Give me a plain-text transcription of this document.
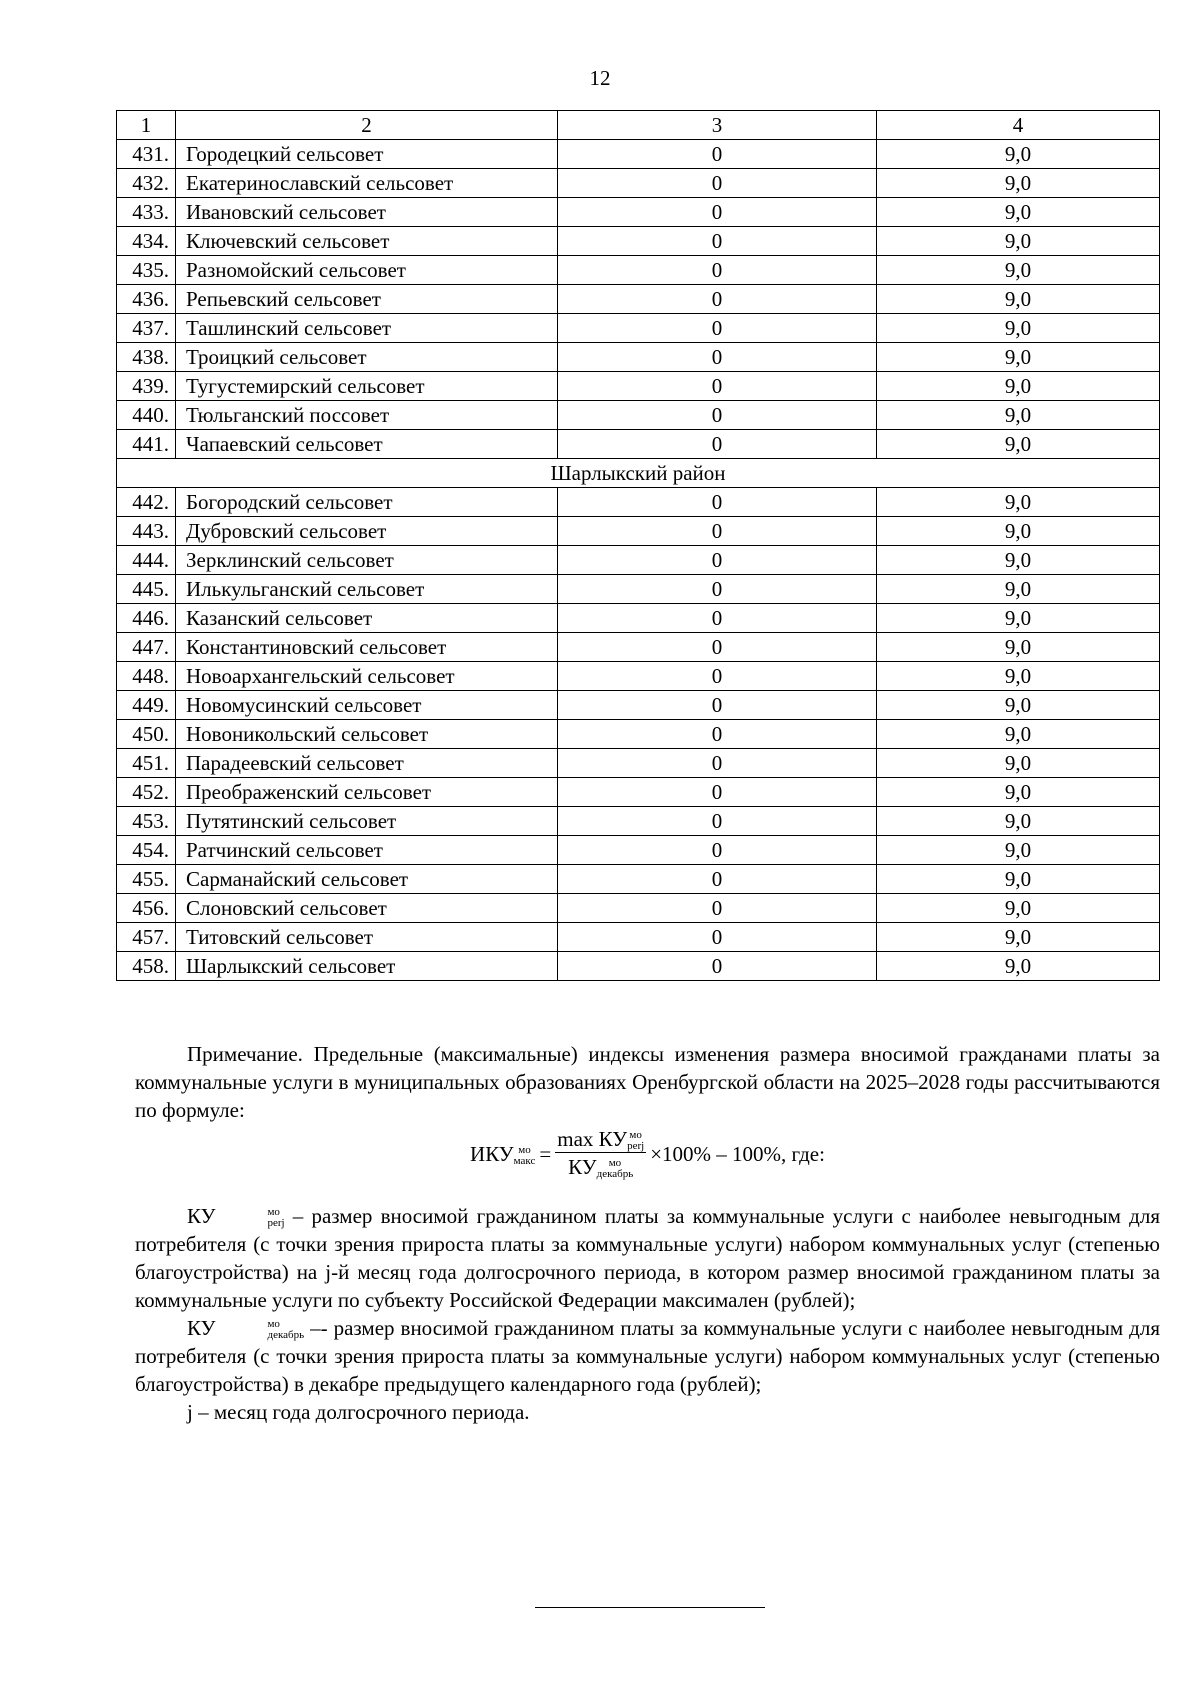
12
1	2	3	4
431.	Городецкий сельсовет	0	9,0
432.	Екатеринославский сельсовет	0	9,0
433.	Ивановский сельсовет	0	9,0
434.	Ключевский сельсовет	0	9,0
435.	Разномойский сельсовет	0	9,0
436.	Репьевский сельсовет	0	9,0
437.	Ташлинский сельсовет	0	9,0
438.	Троицкий сельсовет	0	9,0
439.	Тугустемирский сельсовет	0	9,0
440.	Тюльганский поссовет	0	9,0
441.	Чапаевский сельсовет	0	9,0
Шарлыкский район			
442.	Богородский сельсовет	0	9,0
443.	Дубровский сельсовет	0	9,0
444.	Зерклинский сельсовет	0	9,0
445.	Илькульганский сельсовет	0	9,0
446.	Казанский сельсовет	0	9,0
447.	Константиновский сельсовет	0	9,0
448.	Новоархангельский сельсовет	0	9,0
449.	Новомусинский сельсовет	0	9,0
450.	Новоникольский сельсовет	0	9,0
451.	Парадеевский сельсовет	0	9,0
452.	Преображенский сельсовет	0	9,0
453.	Путятинский сельсовет	0	9,0
454.	Ратчинский сельсовет	0	9,0
455.	Сарманайский сельсовет	0	9,0
456.	Слоновский сельсовет	0	9,0
457.	Титовский сельсовет	0	9,0
458.	Шарлыкский сельсовет	0	9,0

Примечание. Предельные (максимальные) индексы изменения размера вносимой гражданами платы за коммунальные услуги в муниципальных образованиях Оренбургской области на 2025–2028 годы рассчитываются по формуле:

ИКУ мо
макс = max КУ мо
perj
КУ	мо
декабрь ×100% – 100%, где:

КУ	мо
perj – размер вносимой гражданином платы за коммунальные услуги с наиболее невыгодным для потребителя (с точки зрения прироста платы за коммунальные услуги) набором коммунальных услуг (степенью благоустройства) на j-й месяц года долгосрочного периода, в котором размер вносимой гражданином платы за коммунальные услуги по субъекту Российской Федерации максимален (рублей);

КУ	мо
декабрь –- размер вносимой гражданином платы за коммунальные услуги с наиболее невыгодным для потребителя (с точки зрения прироста платы за коммунальные услуги) набором коммунальных услуг (степенью благоустройства) в декабре предыдущего календарного года (рублей);

j – месяц года долгосрочного периода.
